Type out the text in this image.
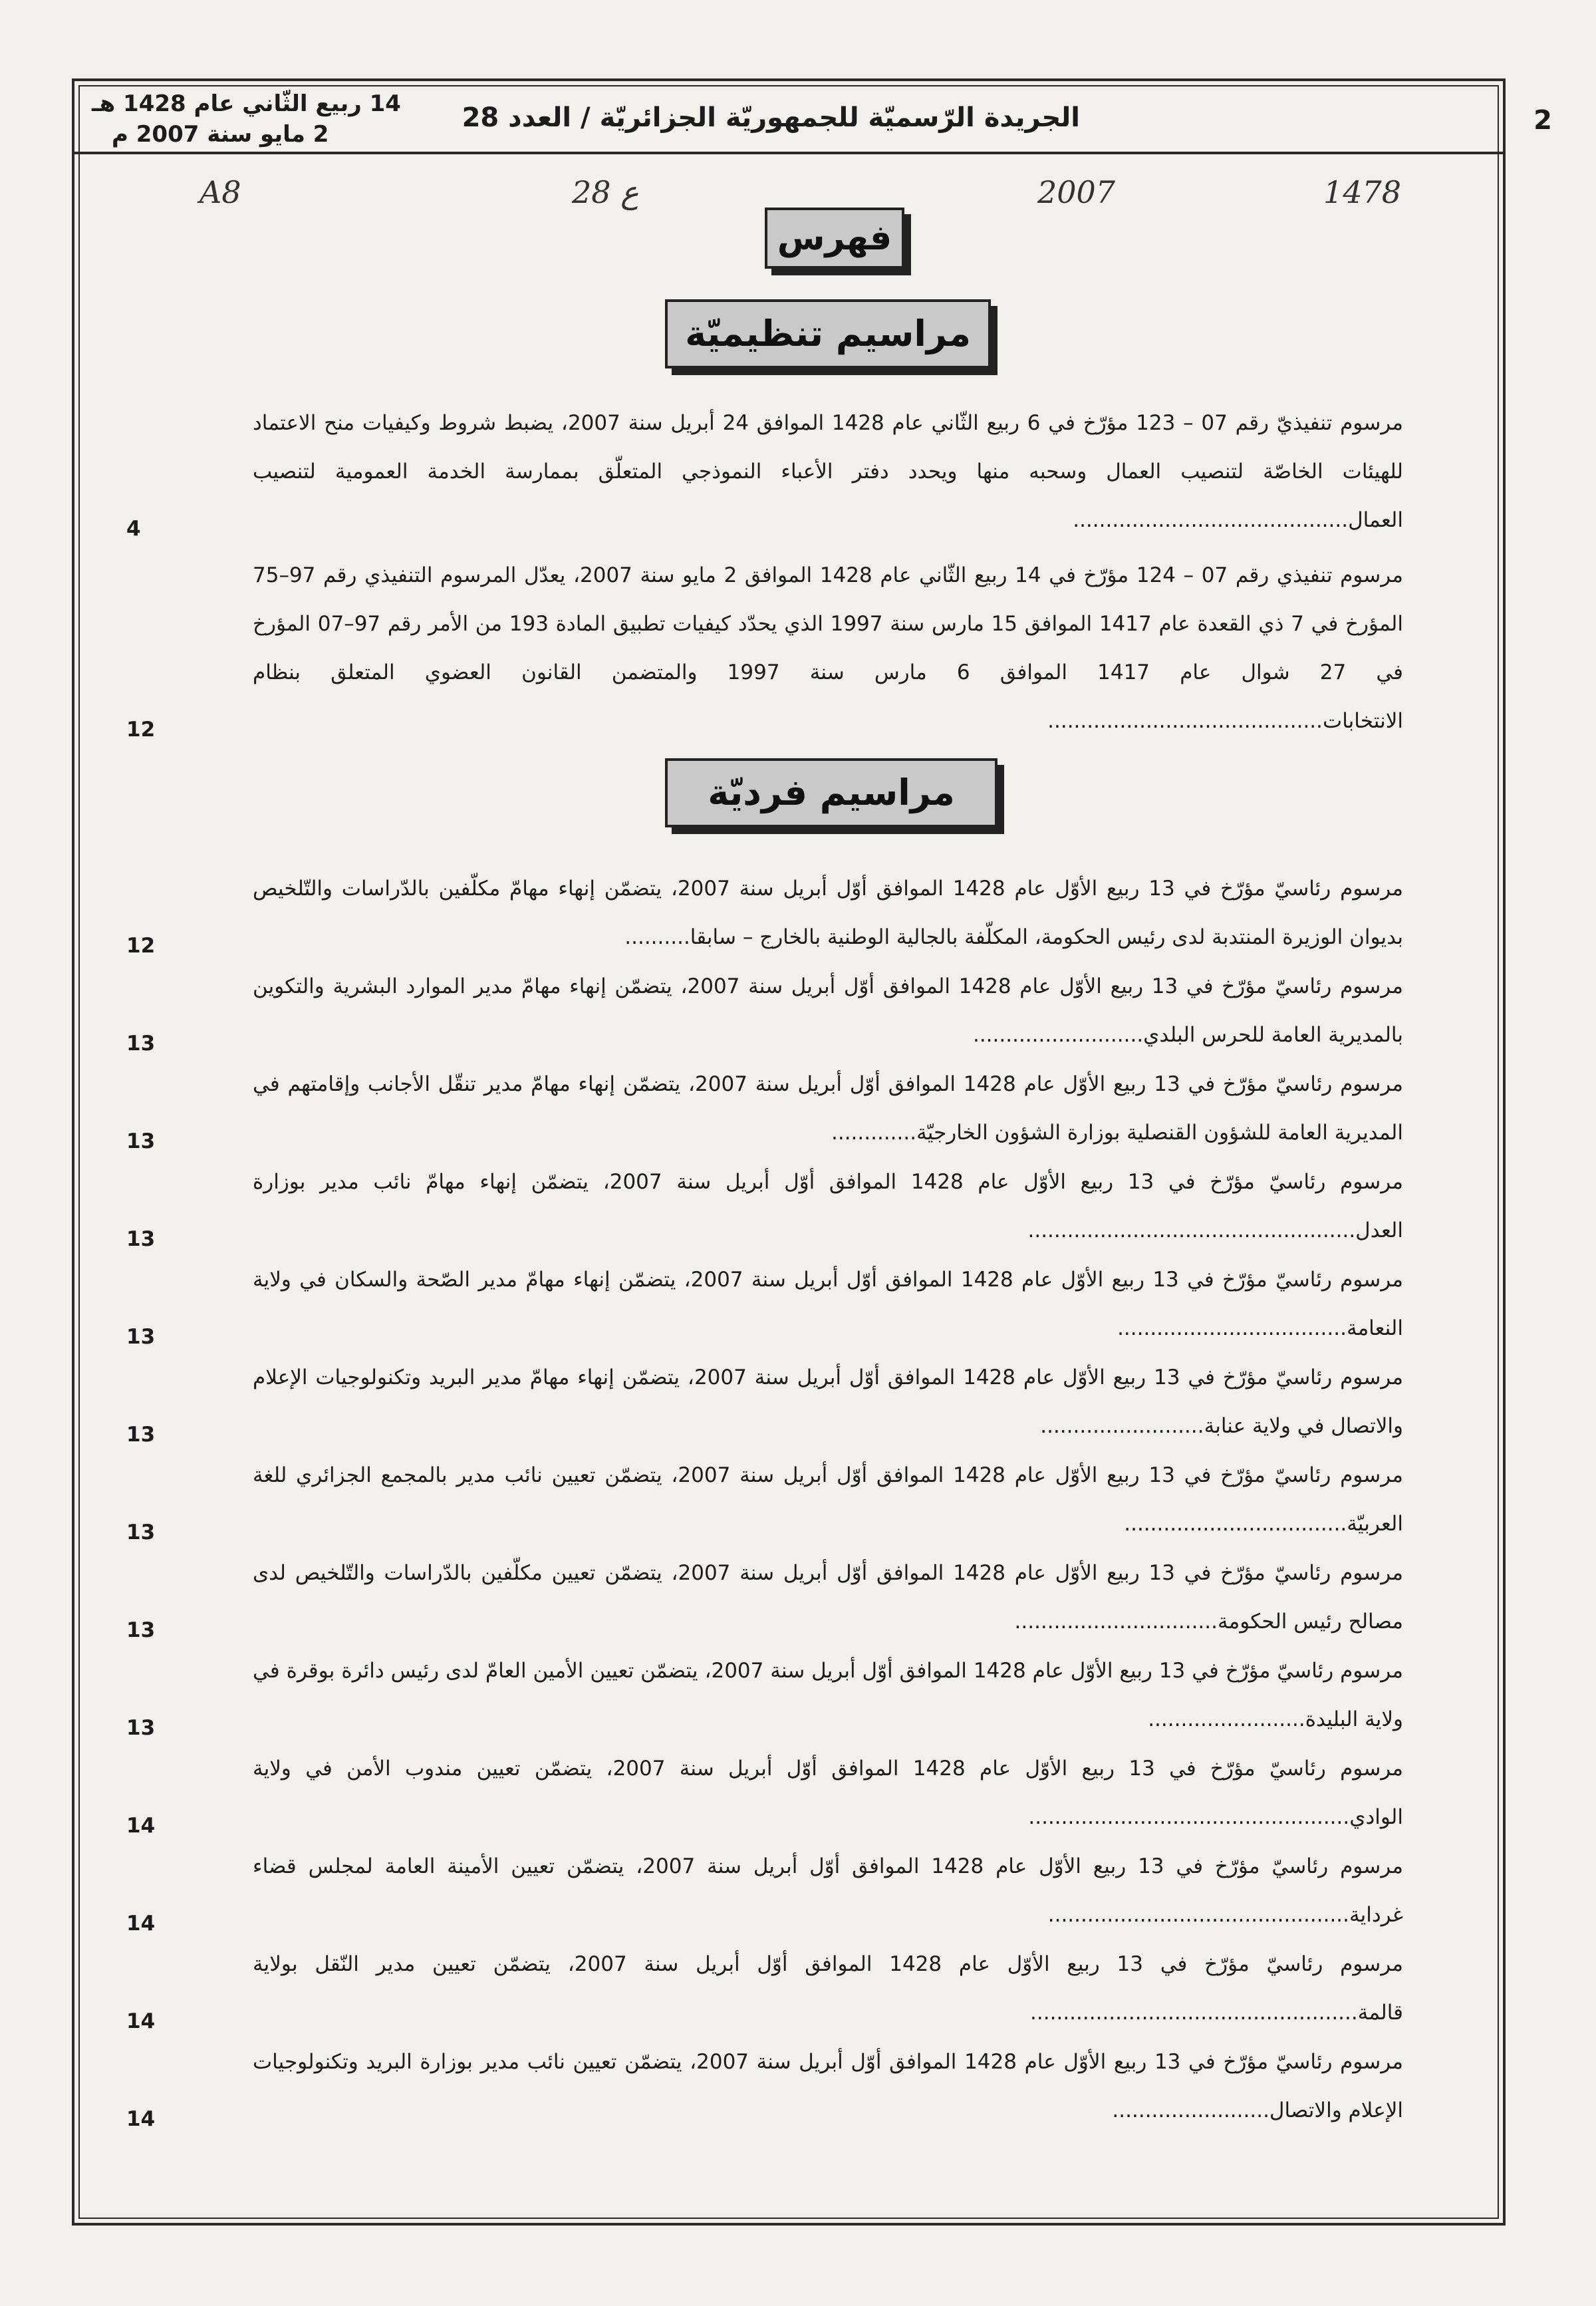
2
الجريدة الرّسميّة للجمهوريّة الجزائريّة / العدد 28
14 ربيع الثّاني عام 1428 هـ
2 مايو سنة 2007 م
1478
2007
ع 28
A8
فهرس
مراسيم تنظيميّة

مرسوم تنفيذيّ رقم 07 – 123 مؤرّخ في 6 ربيع الثّاني عام 1428 الموافق 24 أبريل سنة 2007، يضبط شروط وكيفيات منح الاعتماد للهيئات الخاصّة لتنصيب العمال وسحبه منها ويحدد دفتر الأعباء النموذجي المتعلّق بممارسة الخدمة العمومية لتنصيب العمال..........................................

4

مرسوم تنفيذي رقم 07 – 124 مؤرّخ في 14 ربيع الثّاني عام 1428 الموافق 2 مايو سنة 2007، يعدّل المرسوم التنفيذي رقم 97–75 المؤرخ في 7 ذي القعدة عام 1417 الموافق 15 مارس سنة 1997 الذي يحدّد كيفيات تطبيق المادة 193 من الأمر رقم 97–07 المؤرخ في 27 شوال عام 1417 الموافق 6 مارس سنة 1997 والمتضمن القانون العضوي المتعلق بنظام الانتخابات..........................................

12
مراسيم فرديّة

مرسوم رئاسيّ مؤرّخ في 13 ربيع الأوّل عام 1428 الموافق أوّل أبريل سنة 2007، يتضمّن إنهاء مهامّ مكلّفين بالدّراسات والتّلخيص بديوان الوزيرة المنتدبة لدى رئيس الحكومة، المكلّفة بالجالية الوطنية بالخارج – سابقا..........

12

مرسوم رئاسيّ مؤرّخ في 13 ربيع الأوّل عام 1428 الموافق أوّل أبريل سنة 2007، يتضمّن إنهاء مهامّ مدير الموارد البشرية والتكوين بالمديرية العامة للحرس البلدي..........................

13

مرسوم رئاسيّ مؤرّخ في 13 ربيع الأوّل عام 1428 الموافق أوّل أبريل سنة 2007، يتضمّن إنهاء مهامّ مدير تنقّل الأجانب وإقامتهم في المديرية العامة للشؤون القنصلية بوزارة الشؤون الخارجيّة.............

13

مرسوم رئاسيّ مؤرّخ في 13 ربيع الأوّل عام 1428 الموافق أوّل أبريل سنة 2007، يتضمّن إنهاء مهامّ نائب مدير بوزارة العدل..................................................

13

مرسوم رئاسيّ مؤرّخ في 13 ربيع الأوّل عام 1428 الموافق أوّل أبريل سنة 2007، يتضمّن إنهاء مهامّ مدير الصّحة والسكان في ولاية النعامة...................................

13

مرسوم رئاسيّ مؤرّخ في 13 ربيع الأوّل عام 1428 الموافق أوّل أبريل سنة 2007، يتضمّن إنهاء مهامّ مدير البريد وتكنولوجيات الإعلام والاتصال في ولاية عنابة.........................

13

مرسوم رئاسيّ مؤرّخ في 13 ربيع الأوّل عام 1428 الموافق أوّل أبريل سنة 2007، يتضمّن تعيين نائب مدير بالمجمع الجزائري للغة العربيّة..................................

13

مرسوم رئاسيّ مؤرّخ في 13 ربيع الأوّل عام 1428 الموافق أوّل أبريل سنة 2007، يتضمّن تعيين مكلّفين بالدّراسات والتّلخيص لدى مصالح رئيس الحكومة...............................

13

مرسوم رئاسيّ مؤرّخ في 13 ربيع الأوّل عام 1428 الموافق أوّل أبريل سنة 2007، يتضمّن تعيين الأمين العامّ لدى رئيس دائرة بوقرة في ولاية البليدة........................

13

مرسوم رئاسيّ مؤرّخ في 13 ربيع الأوّل عام 1428 الموافق أوّل أبريل سنة 2007، يتضمّن تعيين مندوب الأمن في ولاية الوادي.................................................

14

مرسوم رئاسيّ مؤرّخ في 13 ربيع الأوّل عام 1428 الموافق أوّل أبريل سنة 2007، يتضمّن تعيين الأمينة العامة لمجلس قضاء غرداية..............................................

14

مرسوم رئاسيّ مؤرّخ في 13 ربيع الأوّل عام 1428 الموافق أوّل أبريل سنة 2007، يتضمّن تعيين مدير النّقل بولاية قالمة..................................................

14

مرسوم رئاسيّ مؤرّخ في 13 ربيع الأوّل عام 1428 الموافق أوّل أبريل سنة 2007، يتضمّن تعيين نائب مدير بوزارة البريد وتكنولوجيات الإعلام والاتصال........................

14
